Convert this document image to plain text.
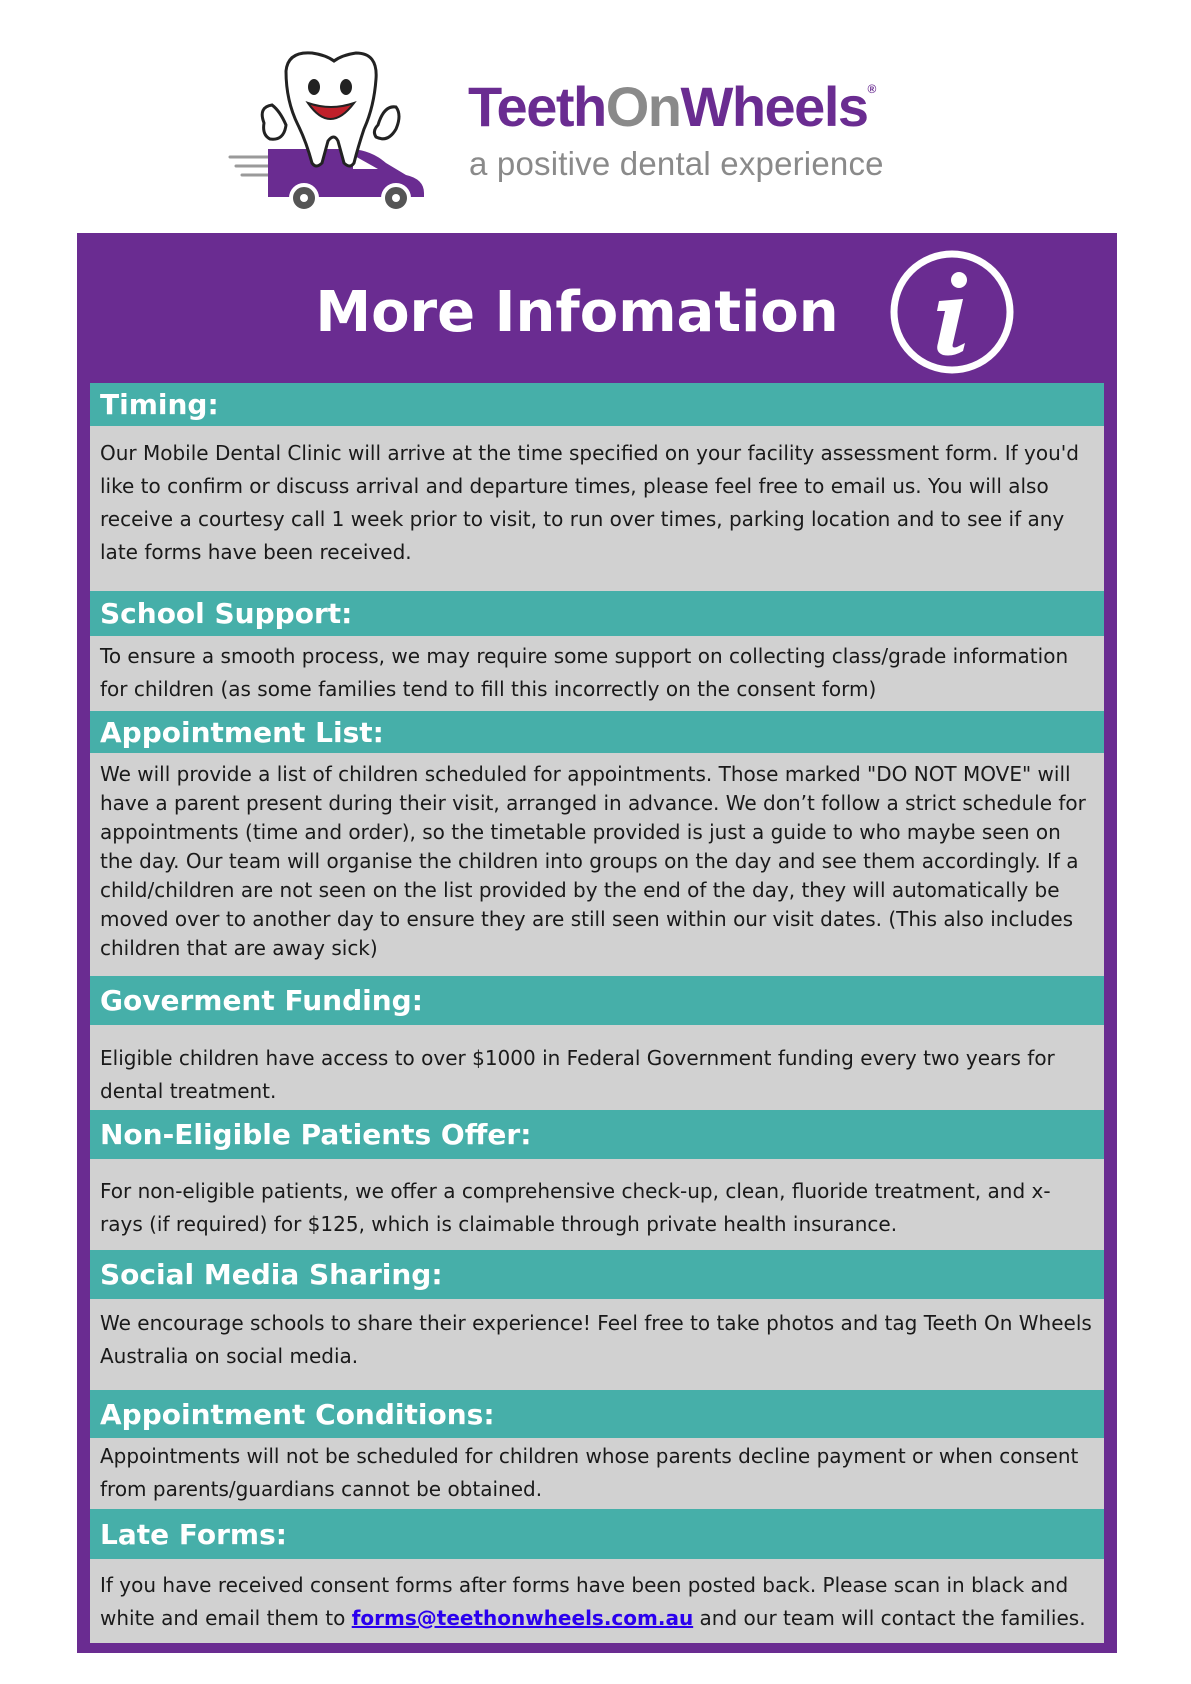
TeethOnWheels®
a positive dental experience
More Infomation
Timing:

Our Mobile Dental Clinic will arrive at the time specified on your facility assessment form. If you'd like to confirm or discuss arrival and departure times, please feel free to email us. You will also receive a courtesy call 1 week prior to visit, to run over times, parking location and to see if any late forms have been received.

School Support:

To ensure a smooth process, we may require some support on collecting class/grade information for children (as some families tend to fill this incorrectly on the consent form)

Appointment List:

We will provide a list of children scheduled for appointments. Those marked "DO NOT MOVE" will have a parent present during their visit, arranged in advance. We don’t follow a strict schedule for appointments (time and order), so the timetable provided is just a guide to who maybe seen on the day. Our team will organise the children into groups on the day and see them accordingly. If a child/children are not seen on the list provided by the end of the day, they will automatically be moved over to another day to ensure they are still seen within our visit dates. (This also includes children that are away sick)

Goverment Funding:

Eligible children have access to over $1000 in Federal Government funding every two years for dental treatment.

Non-Eligible Patients Offer:

For non-eligible patients, we offer a comprehensive check-up, clean, fluoride treatment, and x-rays (if required) for $125, which is claimable through private health insurance.

Social Media Sharing:

We encourage schools to share their experience! Feel free to take photos and tag Teeth On Wheels Australia on social media.

Appointment Conditions:

Appointments will not be scheduled for children whose parents decline payment or when consent from parents/guardians cannot be obtained.

Late Forms:

If you have received consent forms after forms have been posted back. Please scan in black and white and email them to forms@teethonwheels.com.au and our team will contact the families.
